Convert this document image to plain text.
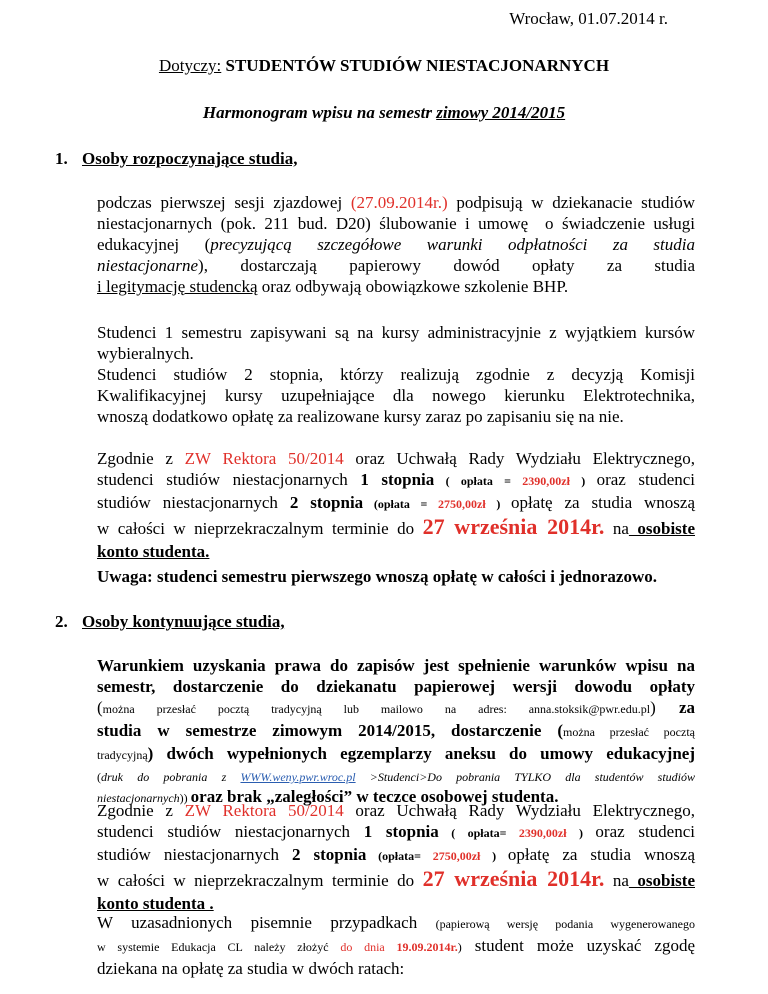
Wrocław, 01.07.2014 r.
Dotyczy: STUDENTÓW STUDIÓW NIESTACJONARNYCH
Harmonogram wpisu na semestr zimowy 2014/2015
1. Osoby rozpoczynające studia,
podczas pierwszej sesji zjazdowej (27.09.2014r.) podpisują w dziekanacie studiów
niestacjonarnych (pok. 211 bud. D20) ślubowanie i umowę  o świadczenie usługi
edukacyjnej (precyzującą szczegółowe warunki odpłatności za studia
niestacjonarne), dostarczają papierowy dowód opłaty za studia
i legitymację studencką oraz odbywają obowiązkowe szkolenie BHP.
Studenci 1 semestru zapisywani są na kursy administracyjnie z wyjątkiem kursów
wybieralnych.
Studenci studiów 2 stopnia, którzy realizują zgodnie z decyzją Komisji
Kwalifikacyjnej kursy uzupełniające dla nowego kierunku Elektrotechnika,
wnoszą dodatkowo opłatę za realizowane kursy zaraz po zapisaniu się na nie.
Zgodnie z ZW Rektora 50/2014 oraz Uchwałą Rady Wydziału Elektrycznego,
studenci studiów niestacjonarnych 1 stopnia ( opłata = 2390,00zł ) oraz studenci
studiów niestacjonarnych 2 stopnia (opłata = 2750,00zł ) opłatę za studia wnoszą
w całości w nieprzekraczalnym terminie do 27 września 2014r. na osobiste
konto studenta.
Uwaga: studenci semestru pierwszego wnoszą opłatę w całości i jednorazowo.
2. Osoby kontynuujące studia,
Warunkiem uzyskania prawa do zapisów jest spełnienie warunków wpisu na
semestr, dostarczenie do dziekanatu papierowej wersji dowodu opłaty
(można przesłać pocztą tradycyjną lub mailowo na adres: anna.stoksik@pwr.edu.pl) za
studia w semestrze zimowym 2014/2015, dostarczenie (można przesłać pocztą
tradycyjną) dwóch wypełnionych egzemplarzy aneksu do umowy edukacyjnej
(druk do pobrania z WWW.weny.pwr.wroc.pl >Studenci>Do pobrania TYLKO dla studentów studiów
niestacjonarnych)) oraz brak „zaległości” w teczce osobowej studenta.
Zgodnie z ZW Rektora 50/2014 oraz Uchwałą Rady Wydziału Elektrycznego,
studenci studiów niestacjonarnych 1 stopnia ( opłata= 2390,00zł ) oraz studenci
studiów niestacjonarnych 2 stopnia (opłata= 2750,00zł ) opłatę za studia wnoszą
w całości w nieprzekraczalnym terminie do 27 września 2014r. na osobiste
konto studenta .
W uzasadnionych pisemnie przypadkach (papierową wersję podania wygenerowanego
w systemie Edukacja CL należy złożyć do dnia 19.09.2014r.) student może uzyskać zgodę
dziekana na opłatę za studia w dwóch ratach:
